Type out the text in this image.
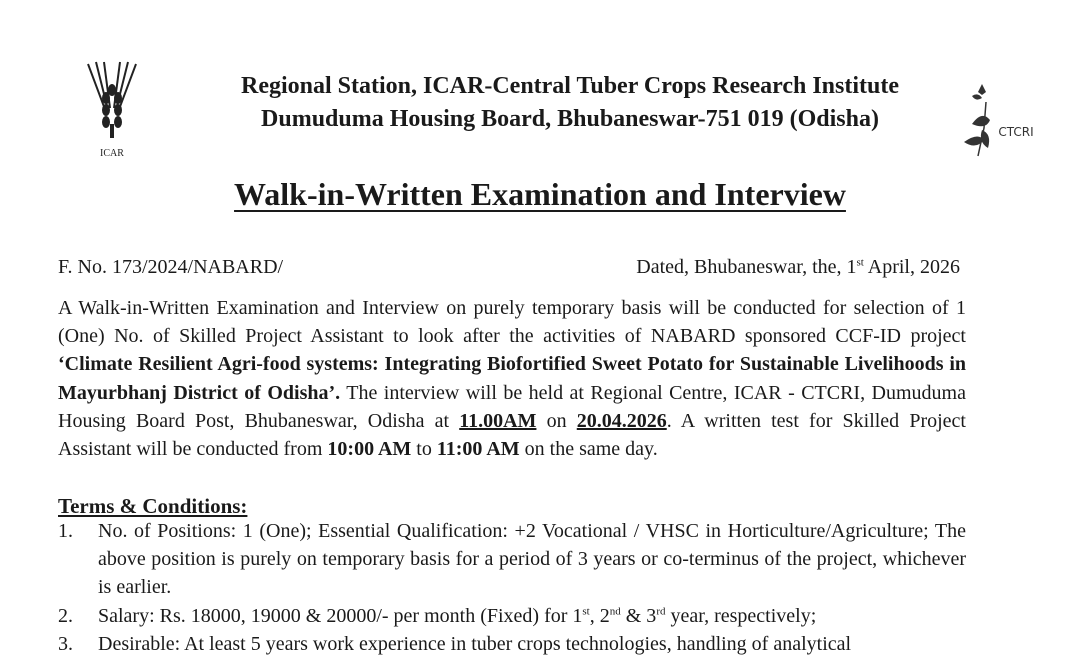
ICAR
Regional Station, ICAR-Central Tuber Crops Research Institute
Dumuduma Housing Board, Bhubaneswar-751 019 (Odisha)	CTCRI
Walk-in-Written Examination and Interview
F. No. 173/2024/NABARD/	Dated, Bhubaneswar, the, 1st April, 2026
A Walk-in-Written Examination and Interview on purely temporary basis will be conducted for selection of 1 (One) No. of Skilled Project Assistant to look after the activities of NABARD sponsored CCF-ID project ‘Climate Resilient Agri-food systems: Integrating Biofortified Sweet Potato for Sustainable Livelihoods in Mayurbhanj District of Odisha’. The interview will be held at Regional Centre, ICAR - CTCRI, Dumuduma Housing Board Post, Bhubaneswar, Odisha at 11.00AM on 20.04.2026. A written test for Skilled Project Assistant will be conducted from 10:00 AM to 11:00 AM on the same day.
Terms & Conditions:
1. No. of Positions: 1 (One); Essential Qualification: +2 Vocational / VHSC in Horticulture/Agriculture; The above position is purely on temporary basis for a period of 3 years or co-terminus of the project, whichever is earlier.
2. Salary: Rs. 18000, 19000 & 20000/- per month (Fixed) for 1st, 2nd & 3rd year, respectively;
3. Desirable: At least 5 years work experience in tuber crops technologies, handling of analytical
